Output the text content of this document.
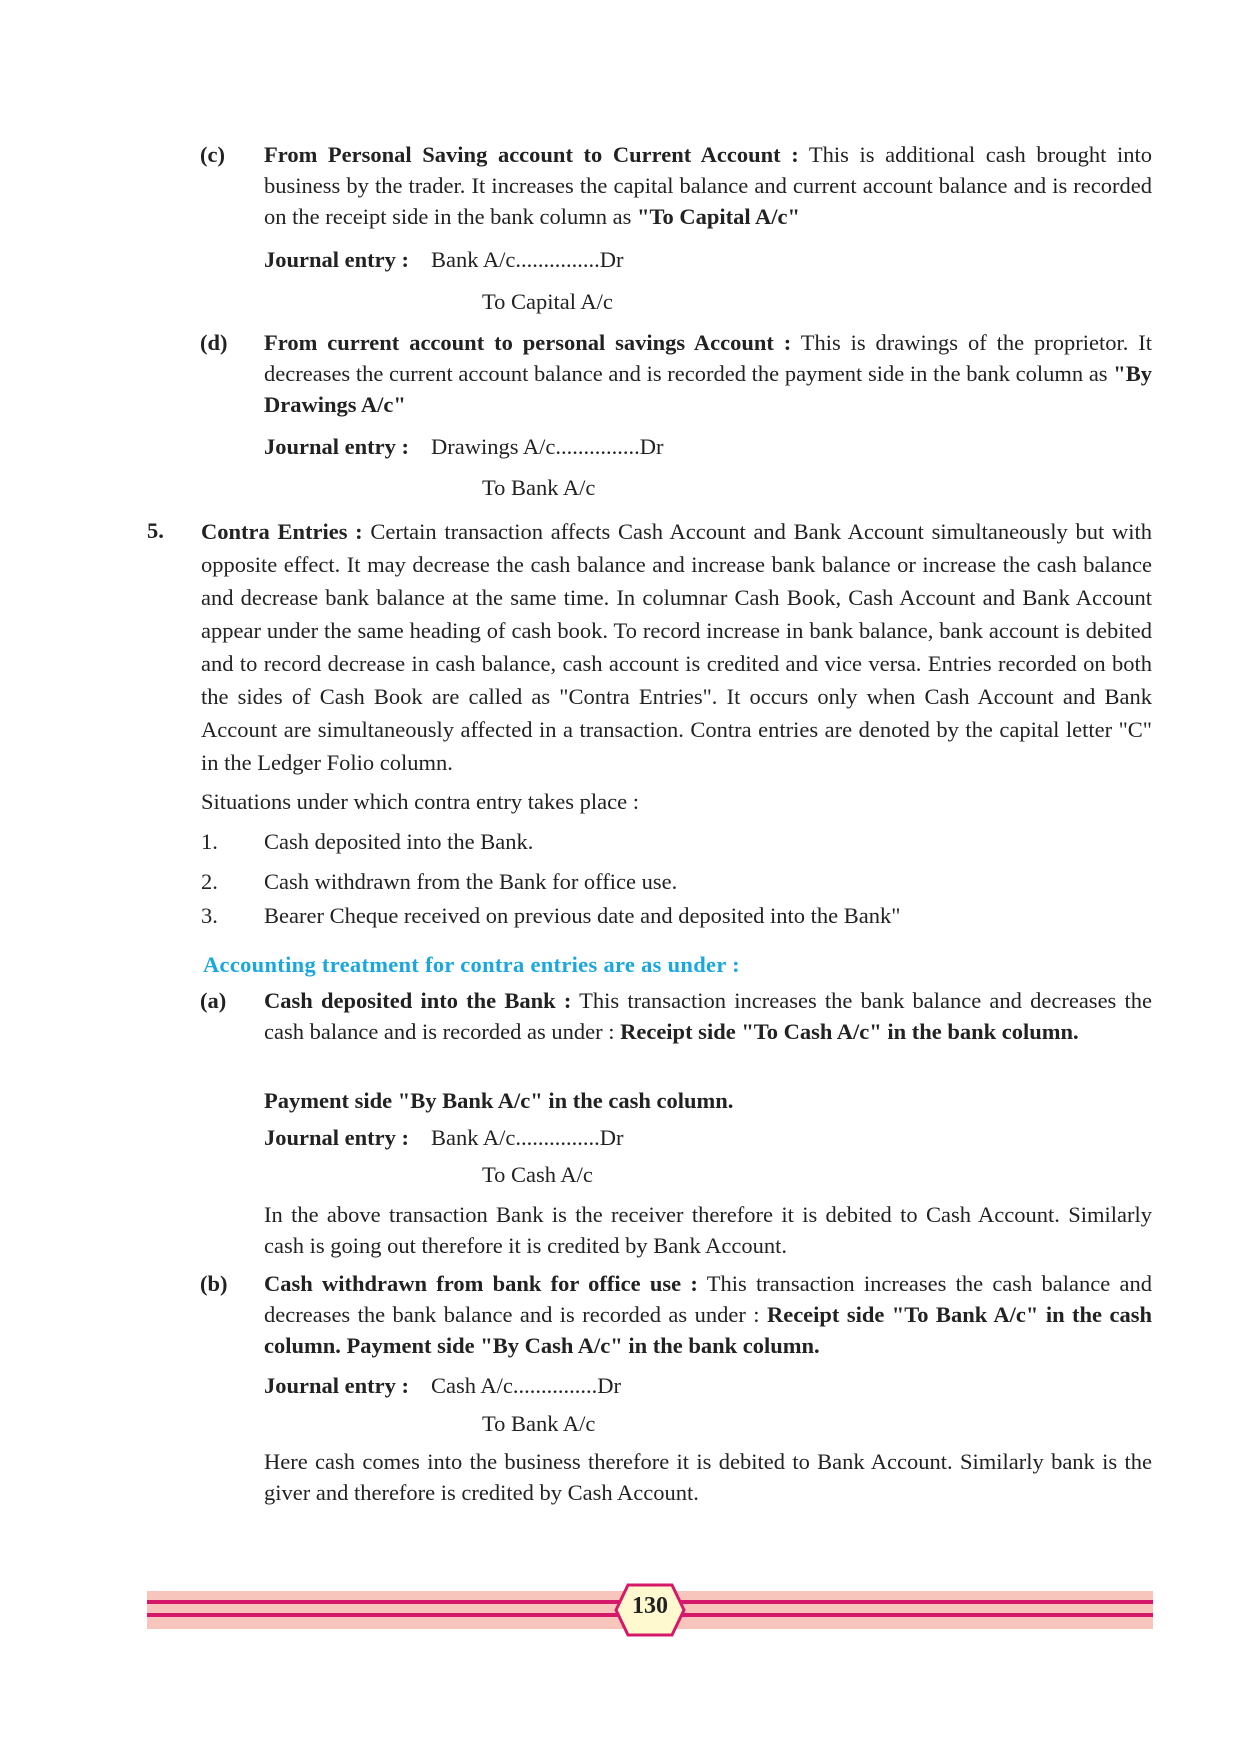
(c) From Personal Saving account to Current Account : This is additional cash brought into business by the trader. It increases the capital balance and current account balance and is recorded on the receipt side in the bank column as "To Capital A/c"

Journal entry : Bank A/c...............Dr
To Capital A/c
(d) From current account to personal savings Account : This is drawings of the proprietor. It decreases the current account balance and is recorded the payment side in the bank column as "By Drawings A/c"

Journal entry : Drawings A/c...............Dr
To Bank A/c
5. Contra Entries : Certain transaction affects Cash Account and Bank Account simultaneously but with opposite effect. It may decrease the cash balance and increase bank balance or increase the cash balance and decrease bank balance at the same time. In columnar Cash Book, Cash Account and Bank Account appear under the same heading of cash book. To record increase in bank balance, bank account is debited and to record decrease in cash balance, cash account is credited and vice versa. Entries recorded on both the sides of Cash Book are called as "Contra Entries". It occurs only when Cash Account and Bank Account are simultaneously affected in a transaction. Contra entries are denoted by the capital letter "C" in the Ledger Folio column.

Situations under which contra entry takes place :
1. Cash deposited into the Bank.
2. Cash withdrawn from the Bank for office use.
3. Bearer Cheque received on previous date and deposited into the Bank"
Accounting treatment for contra entries are as under :
(a) Cash deposited into the Bank : This transaction increases the bank balance and decreases the cash balance and is recorded as under : Receipt side "To Cash A/c" in the bank column.

Payment side "By Bank A/c" in the cash column.
Journal entry : Bank A/c...............Dr
To Cash A/c

In the above transaction Bank is the receiver therefore it is debited to Cash Account. Similarly cash is going out therefore it is credited by Bank Account.

(b) Cash withdrawn from bank for office use : This transaction increases the cash balance and decreases the bank balance and is recorded as under : Receipt side "To Bank A/c" in the cash column. Payment side "By Cash A/c" in the bank column.

Journal entry : Cash A/c...............Dr
To Bank A/c

Here cash comes into the business therefore it is debited to Bank Account. Similarly bank is the giver and therefore is credited by Cash Account.

130
